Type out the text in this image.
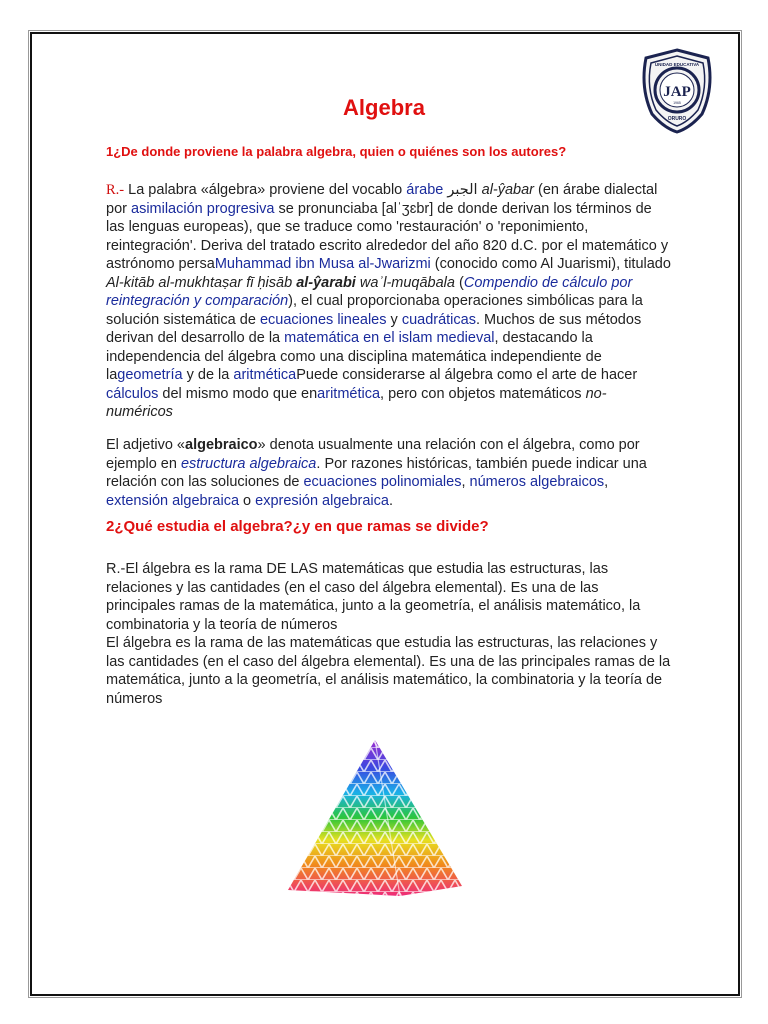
UNIDAD EDUCATIVA
JAP
1965
ORURO
Algebra
1¿De donde proviene la palabra algebra, quien o quiénes son los autores?
R.- La palabra «álgebra» proviene del vocablo árabe الجبر al-ŷabar (en árabe dialectal por asimilación progresiva se pronunciaba [alˈʒɛbr] de donde derivan los términos de las lenguas europeas), que se traduce como 'restauración' o 'reponimiento, reintegración'. Deriva del tratado escrito alrededor del año 820 d.C. por el matemático y astrónomo persaMuhammad ibn Musa al-Jwarizmi (conocido como Al Juarismi), titulado Al-kitāb al-mukhtaṣar fī ḥisāb al-ŷarabi waʾl-muqābala (Compendio de cálculo por reintegración y comparación), el cual proporcionaba operaciones simbólicas para la solución sistemática de ecuaciones lineales y cuadráticas. Muchos de sus métodos derivan del desarrollo de la matemática en el islam medieval, destacando la independencia del álgebra como una disciplina matemática independiente de lageometría y de la aritméticaPuede considerarse al álgebra como el arte de hacer cálculos del mismo modo que enaritmética, pero con objetos matemáticos no-numéricos
El adjetivo «algebraico» denota usualmente una relación con el álgebra, como por ejemplo en estructura algebraica. Por razones históricas, también puede indicar una relación con las soluciones de ecuaciones polinomiales, números algebraicos, extensión algebraica o expresión algebraica.
2¿Qué estudia el algebra?¿y en que ramas se divide?
R.-El álgebra es la rama DE LAS matemáticas que estudia las estructuras, las relaciones y las cantidades (en el caso del álgebra elemental). Es una de las principales ramas de la matemática, junto a la geometría, el análisis matemático, la combinatoria y la teoría de números
El álgebra es la rama de las matemáticas que estudia las estructuras, las relaciones y las cantidades (en el caso del álgebra elemental). Es una de las principales ramas de la matemática, junto a la geometría, el análisis matemático, la combinatoria y la teoría de números
